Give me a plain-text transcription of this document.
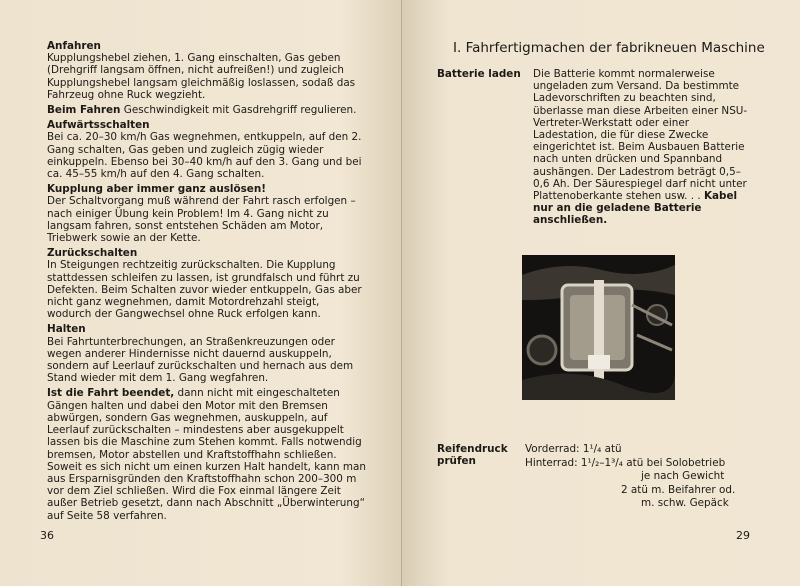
Anfahren

Kupplungshebel ziehen, 1. Gang einschalten, Gas geben (Drehgriff langsam öffnen, nicht aufreißen!) und zugleich Kupplungshebel langsam gleichmäßig loslassen, sodaß das Fahrzeug ohne Ruck wegzieht.

Beim Fahren Geschwindigkeit mit Gasdrehgriff regulieren.

Aufwärtsschalten

Bei ca. 20–30 km/h Gas wegnehmen, entkuppeln, auf den 2. Gang schalten, Gas geben und zugleich zügig wieder einkuppeln. Ebenso bei 30–40 km/h auf den 3. Gang und bei ca. 45–55 km/h auf den 4. Gang schalten.

Kupplung aber immer ganz auslösen!

Der Schaltvorgang muß während der Fahrt rasch erfolgen – nach einiger Übung kein Problem! Im 4. Gang nicht zu langsam fahren, sonst entstehen Schäden am Motor, Triebwerk sowie an der Kette.

Zurückschalten

In Steigungen rechtzeitig zurückschalten. Die Kupplung stattdessen schleifen zu lassen, ist grundfalsch und führt zu Defekten. Beim Schalten zuvor wieder entkuppeln, Gas aber nicht ganz wegnehmen, damit Motordrehzahl steigt, wodurch der Gangwechsel ohne Ruck erfolgen kann.

Halten

Bei Fahrtunterbrechungen, an Straßenkreuzungen oder wegen anderer Hindernisse nicht dauernd auskuppeln, sondern auf Leerlauf zurückschalten und hernach aus dem Stand wieder mit dem 1. Gang wegfahren.

Ist die Fahrt beendet, dann nicht mit eingeschalteten Gängen halten und dabei den Motor mit den Bremsen abwürgen, sondern Gas wegnehmen, auskuppeln, auf Leerlauf zurückschalten – mindestens aber ausgekuppelt lassen bis die Maschine zum Stehen kommt. Falls notwendig bremsen, Motor abstellen und Kraftstoffhahn schließen. Soweit es sich nicht um einen kurzen Halt handelt, kann man aus Ersparnisgründen den Kraftstoffhahn schon 200–300 m vor dem Ziel schließen. Wird die Fox einmal längere Zeit außer Betrieb gesetzt, dann nach Abschnitt „Überwinterung“ auf Seite 58 verfahren.

36
I. Fahrfertigmachen der fabrikneuen Maschine
Batterie laden Die Batterie kommt normalerweise ungeladen zum Versand. Da bestimmte Ladevorschriften zu beachten sind, überlasse man diese Arbeiten einer NSU-Vertreter-Werkstatt oder einer Ladestation, die für diese Zwecke eingerichtet ist. Beim Ausbauen Batterie nach unten drücken und Spannband aushängen. Der Ladestrom beträgt 0,5–0,6 Ah. Der Säurespiegel darf nicht unter Plattenoberkante stehen usw. . . Kabel nur an die geladene Batterie anschließen.
Reifendruck prüfen
Vorderrad: 1¹/₄ atü
Hinterrad: 1¹/₂–1³/₄ atü bei Solobetrieb
je nach Gewicht
2 atü m. Beifahrer od.
m. schw. Gepäck
29
